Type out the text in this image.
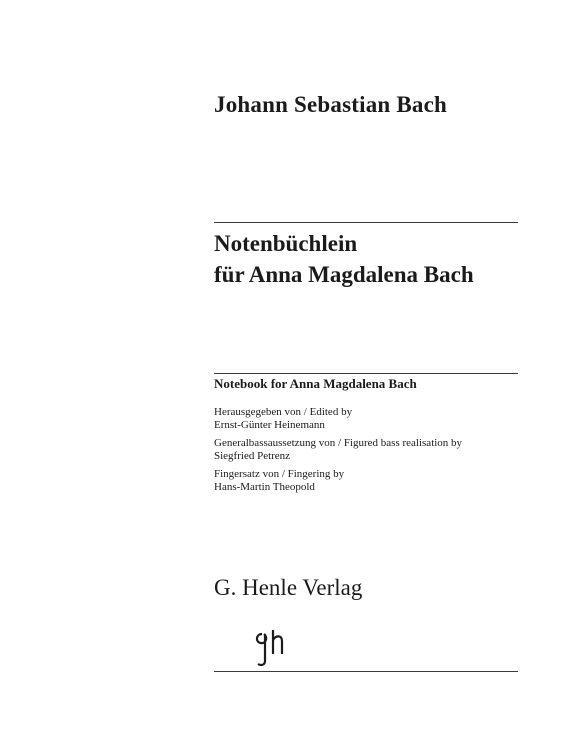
Johann Sebastian Bach
Notenbüchlein
für Anna Magdalena Bach
Notebook for Anna Magdalena Bach
Herausgegeben von / Edited by
Ernst-Günter Heinemann
Generalbassaussetzung von / Figured bass realisation by
Siegfried Petrenz
Fingersatz von / Fingering by
Hans-Martin Theopold
G. Henle Verlag
